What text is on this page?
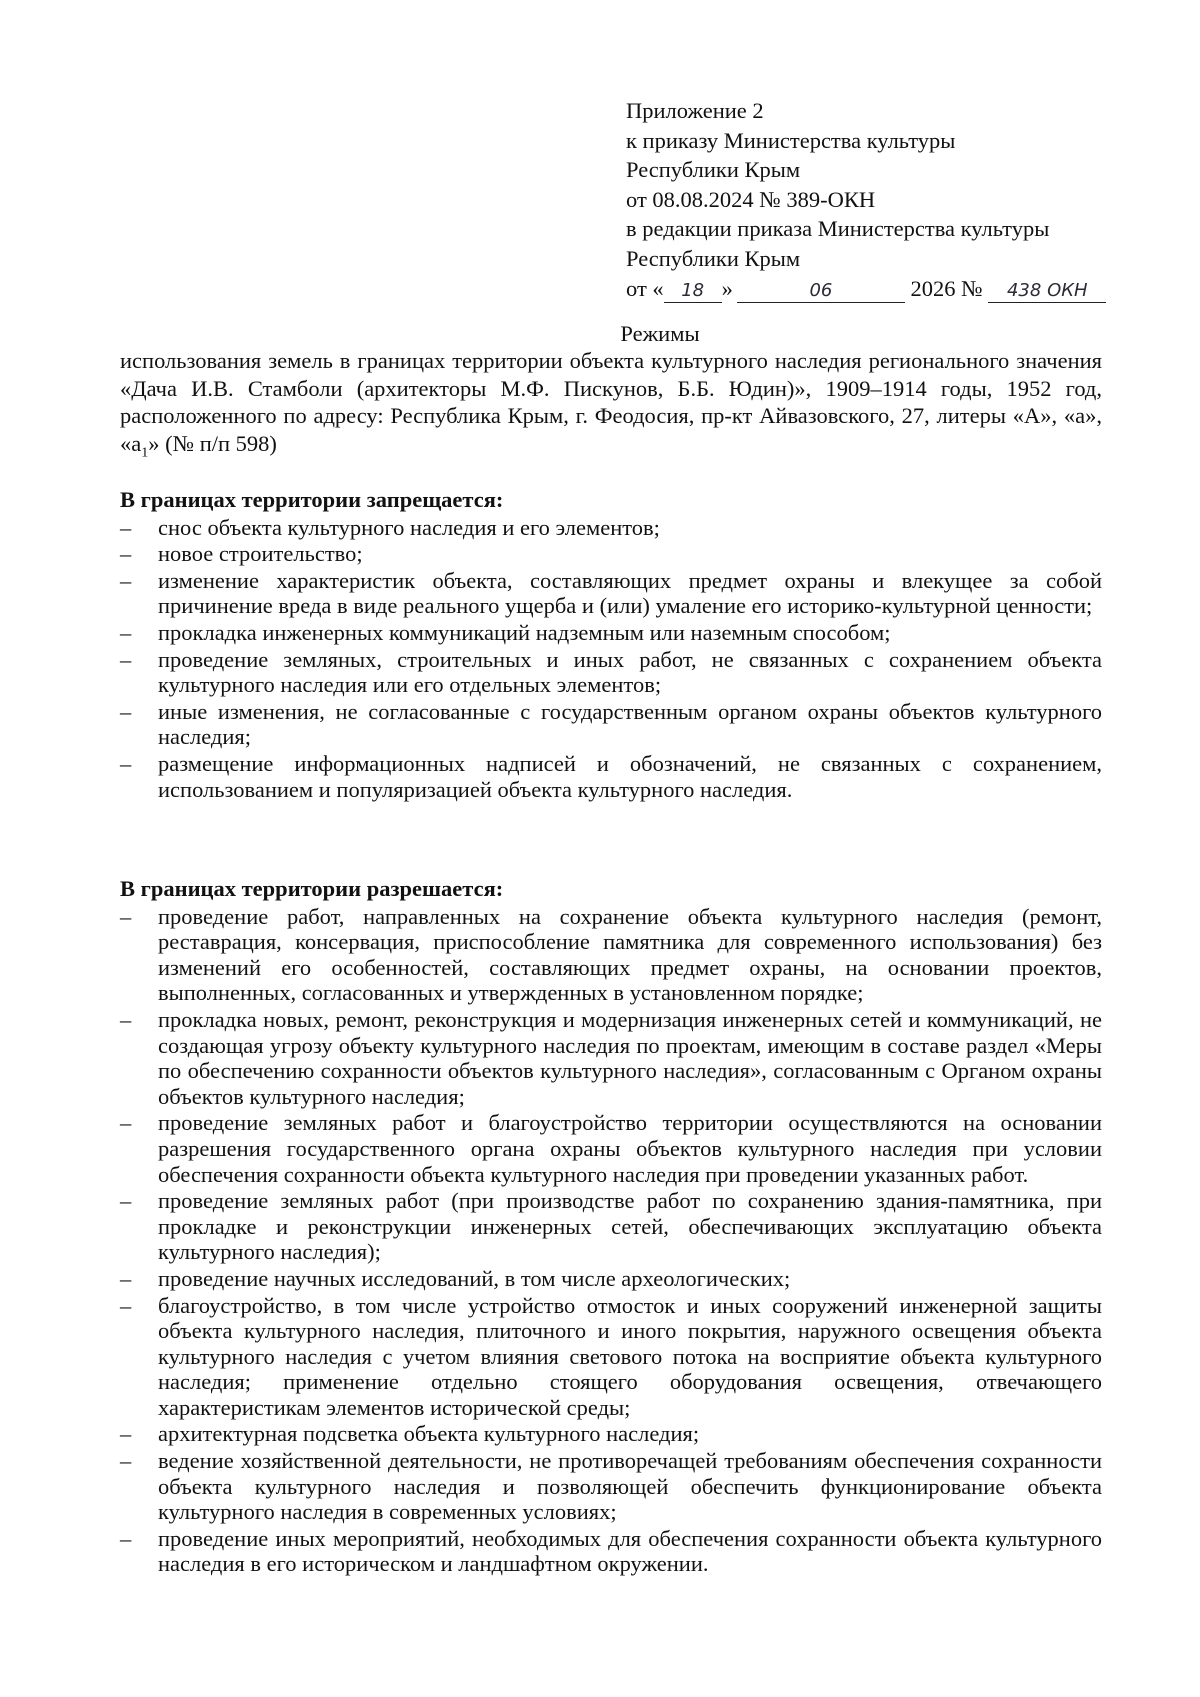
Приложение 2
к приказу Министерства культуры
Республики Крым
от 08.08.2024 № 389-ОКН
в редакции приказа Министерства культуры
Республики Крым
от « 18 »	06	2026 № 438 ОКН
Режимы
использования земель в границах территории объекта культурного наследия регионального значения «Дача И.В. Стамболи (архитекторы М.Ф. Пискунов, Б.Б. Юдин)», 1909–1914 годы, 1952 год, расположенного по адресу: Республика Крым, г. Феодосия, пр-кт Айвазовского, 27, литеры «А», «а», «$а_1$» (№ п/п 598)
В границах территории запрещается:
–	снос объекта культурного наследия и его элементов;
–	новое строительство;
–	изменение характеристик объекта, составляющих предмет охраны и влекущее за собой причинение вреда в виде реального ущерба и (или) умаление его историко-культурной ценности;
–	прокладка инженерных коммуникаций надземным или наземным способом;
–	проведение земляных, строительных и иных работ, не связанных с сохранением объекта культурного наследия или его отдельных элементов;
–	иные изменения, не согласованные с государственным органом охраны объектов культурного наследия;
–	размещение информационных надписей и обозначений, не связанных с сохранением, использованием и популяризацией объекта культурного наследия.
В границах территории разрешается:
–	проведение работ, направленных на сохранение объекта культурного наследия (ремонт, реставрация, консервация, приспособление памятника для современного использования) без изменений его особенностей, составляющих предмет охраны, на основании проектов, выполненных, согласованных и утвержденных в установленном порядке;
–	прокладка новых, ремонт, реконструкция и модернизация инженерных сетей и коммуникаций, не создающая угрозу объекту культурного наследия по проектам, имеющим в составе раздел «Меры по обеспечению сохранности объектов культурного наследия», согласованным с Органом охраны объектов культурного наследия;
–	проведение земляных работ и благоустройство территории осуществляются на основании разрешения государственного органа охраны объектов культурного наследия при условии обеспечения сохранности объекта культурного наследия при проведении указанных работ.
–	проведение земляных работ (при производстве работ по сохранению здания-памятника, при прокладке и реконструкции инженерных сетей, обеспечивающих эксплуатацию объекта культурного наследия);
–	проведение научных исследований, в том числе археологических;
–	благоустройство, в том числе устройство отмосток и иных сооружений инженерной защиты объекта культурного наследия, плиточного и иного покрытия, наружного освещения объекта культурного наследия с учетом влияния светового потока на восприятие объекта культурного наследия; применение отдельно стоящего оборудования освещения, отвечающего характеристикам элементов исторической среды;
–	архитектурная подсветка объекта культурного наследия;
–	ведение хозяйственной деятельности, не противоречащей требованиям обеспечения сохранности объекта культурного наследия и позволяющей обеспечить функционирование объекта культурного наследия в современных условиях;
–	проведение иных мероприятий, необходимых для обеспечения сохранности объекта культурного наследия в его историческом и ландшафтном окружении.
